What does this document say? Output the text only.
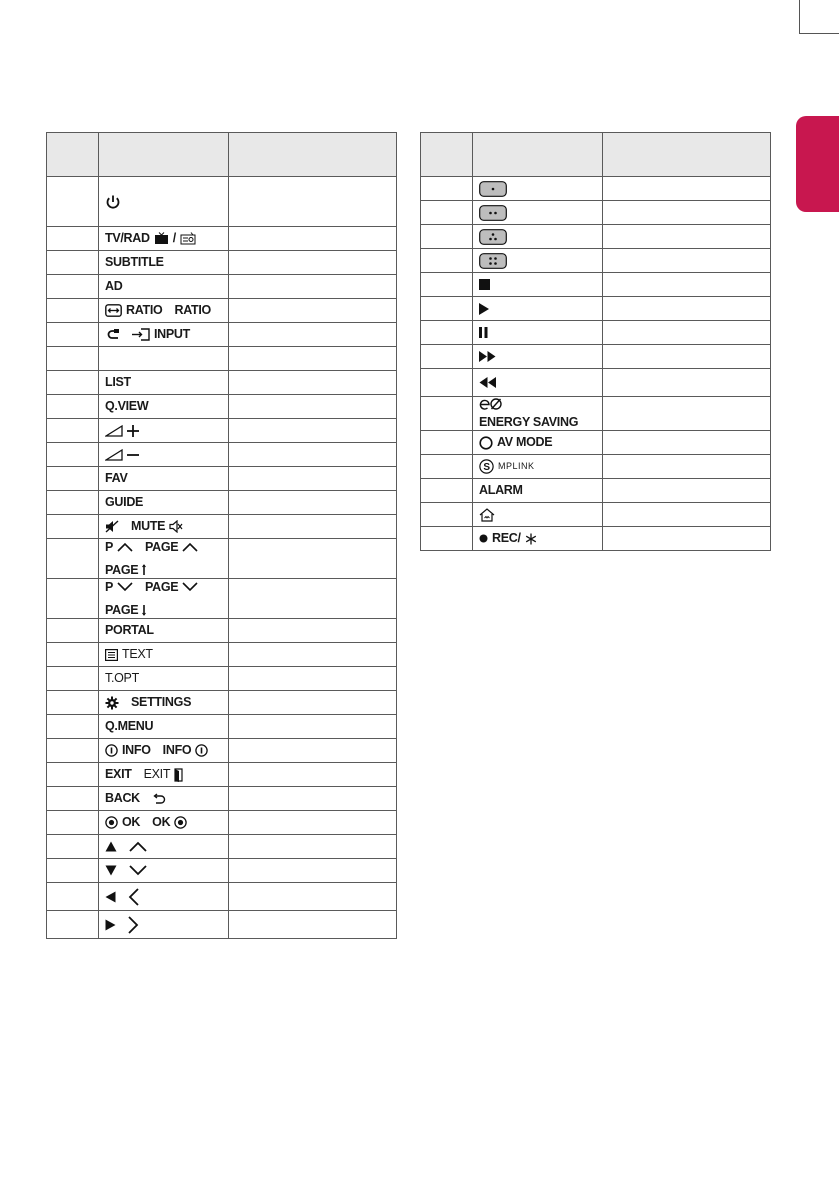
	TV/RAD /	

SUBTITLE	

AD	

	RATIO RATIO	

	INPUT	

LIST	

Q.VIEW	

FAV	

GUIDE	

	MUTE	

	P PAGE
PAGE	

	P PAGE
PAGE	

PORTAL	

	TEXT	

	T.OPT	

	SETTINGS	

Q.MENU	

	INFO INFO	

	EXIT EXIT	

	BACK	

	OK OK	

	ENERGY SAVING	

	AV MODE	

S MPLINK	

ALARM	

	REC/	
